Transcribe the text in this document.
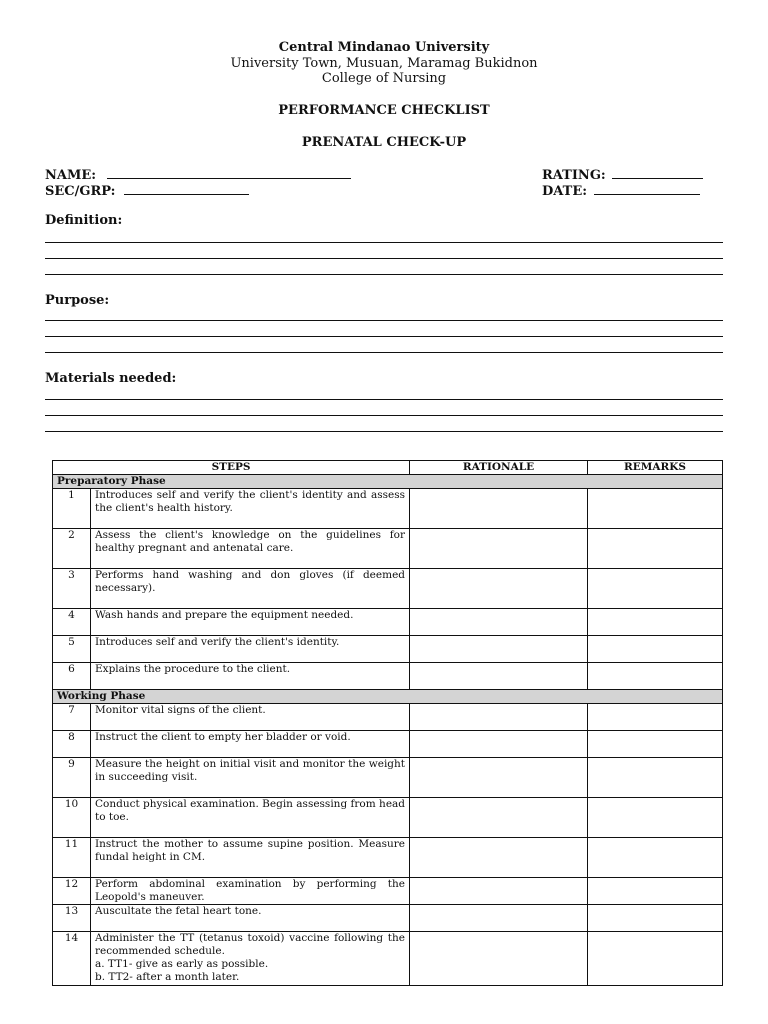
Central Mindanao University
University Town, Musuan, Maramag Bukidnon
College of Nursing
PERFORMANCE CHECKLIST
PRENATAL CHECK-UP
NAME:
SEC/GRP:
RATING:
DATE:
Definition:
Purpose:
Materials needed:
STEPS		RATIONALE	REMARKS
Preparatory Phase			
1	Introduces self and verify the client's identity and assess the client's health history.		
2	Assess the client's knowledge on the guidelines for healthy pregnant and antenatal care.		
3	Performs hand washing and don gloves (if deemed necessary).		
4	Wash hands and prepare the equipment needed.		
5	Introduces self and verify the client's identity.		
6	Explains the procedure to the client.		
Working Phase			
7	Monitor vital signs of the client.		
8	Instruct the client to empty her bladder or void.		
9	Measure the height on initial visit and monitor the weight in succeeding visit.		
10	Conduct physical examination. Begin assessing from head to toe.		
11	Instruct the mother to assume supine position. Measure fundal height in CM.		
12	Perform abdominal examination by performing the Leopold's maneuver.		
13	Auscultate the fetal heart tone.		
14	Administer the TT (tetanus toxoid) vaccine following the recommended schedule.
a. TT1- give as early as possible.
b. TT2- after a month later.		
